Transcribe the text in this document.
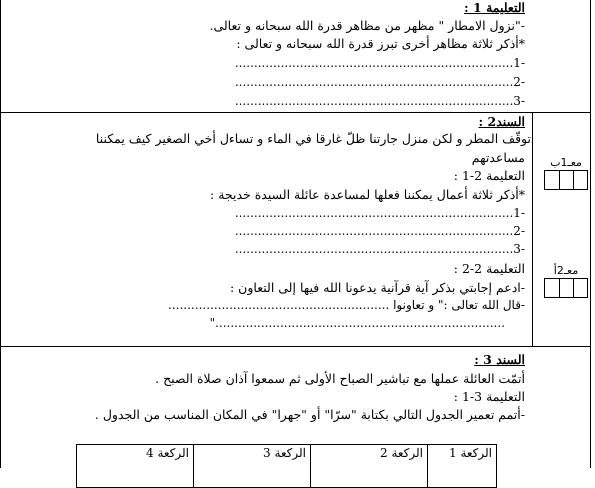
التعليمة 1 :
-"نزول الامطار " مظهر من مظاهر قدرة الله سبحانه و تعالى.
*أذكر ثلاثة مظاهر أخرى تبرز قدرة الله سبحانه و تعالى :
-1.........................................................................
-2.........................................................................
-3.........................................................................
السند2 :
توقّف المطر و لكن منزل جارتنا ظلّ غارقا في الماء و تساءل أخي الصغير كيف يمكننا
مساعدتهم
التعليمة 2-1 :
*أذكر ثلاثة أعمال يمكننا فعلها لمساعدة عائلة السيدة خديجة :
-1.........................................................................
-2.........................................................................
-3.........................................................................
التعليمة 2-2 :
-ادعم إجابتي بذكر آية قرآنية يدعونا الله فيها إلى التعاون :
-قال الله تعالى :" و تعاونوا ..........................................................
............................................................................"
معـ1ب
معـ2أ
السند 3 :
أتمّت العائلة عملها مع تباشير الصباح الأولى ثم سمعوا آذان صلاة الصبح .
التعليمة 3-1 :
-أتمم تعمير الجدول التالي بكتابة "سرّا" أو "جهرا" في المكان المناسب من الجدول .
الركعة 1	الركعة 2	الركعة 3	الركعة 4
